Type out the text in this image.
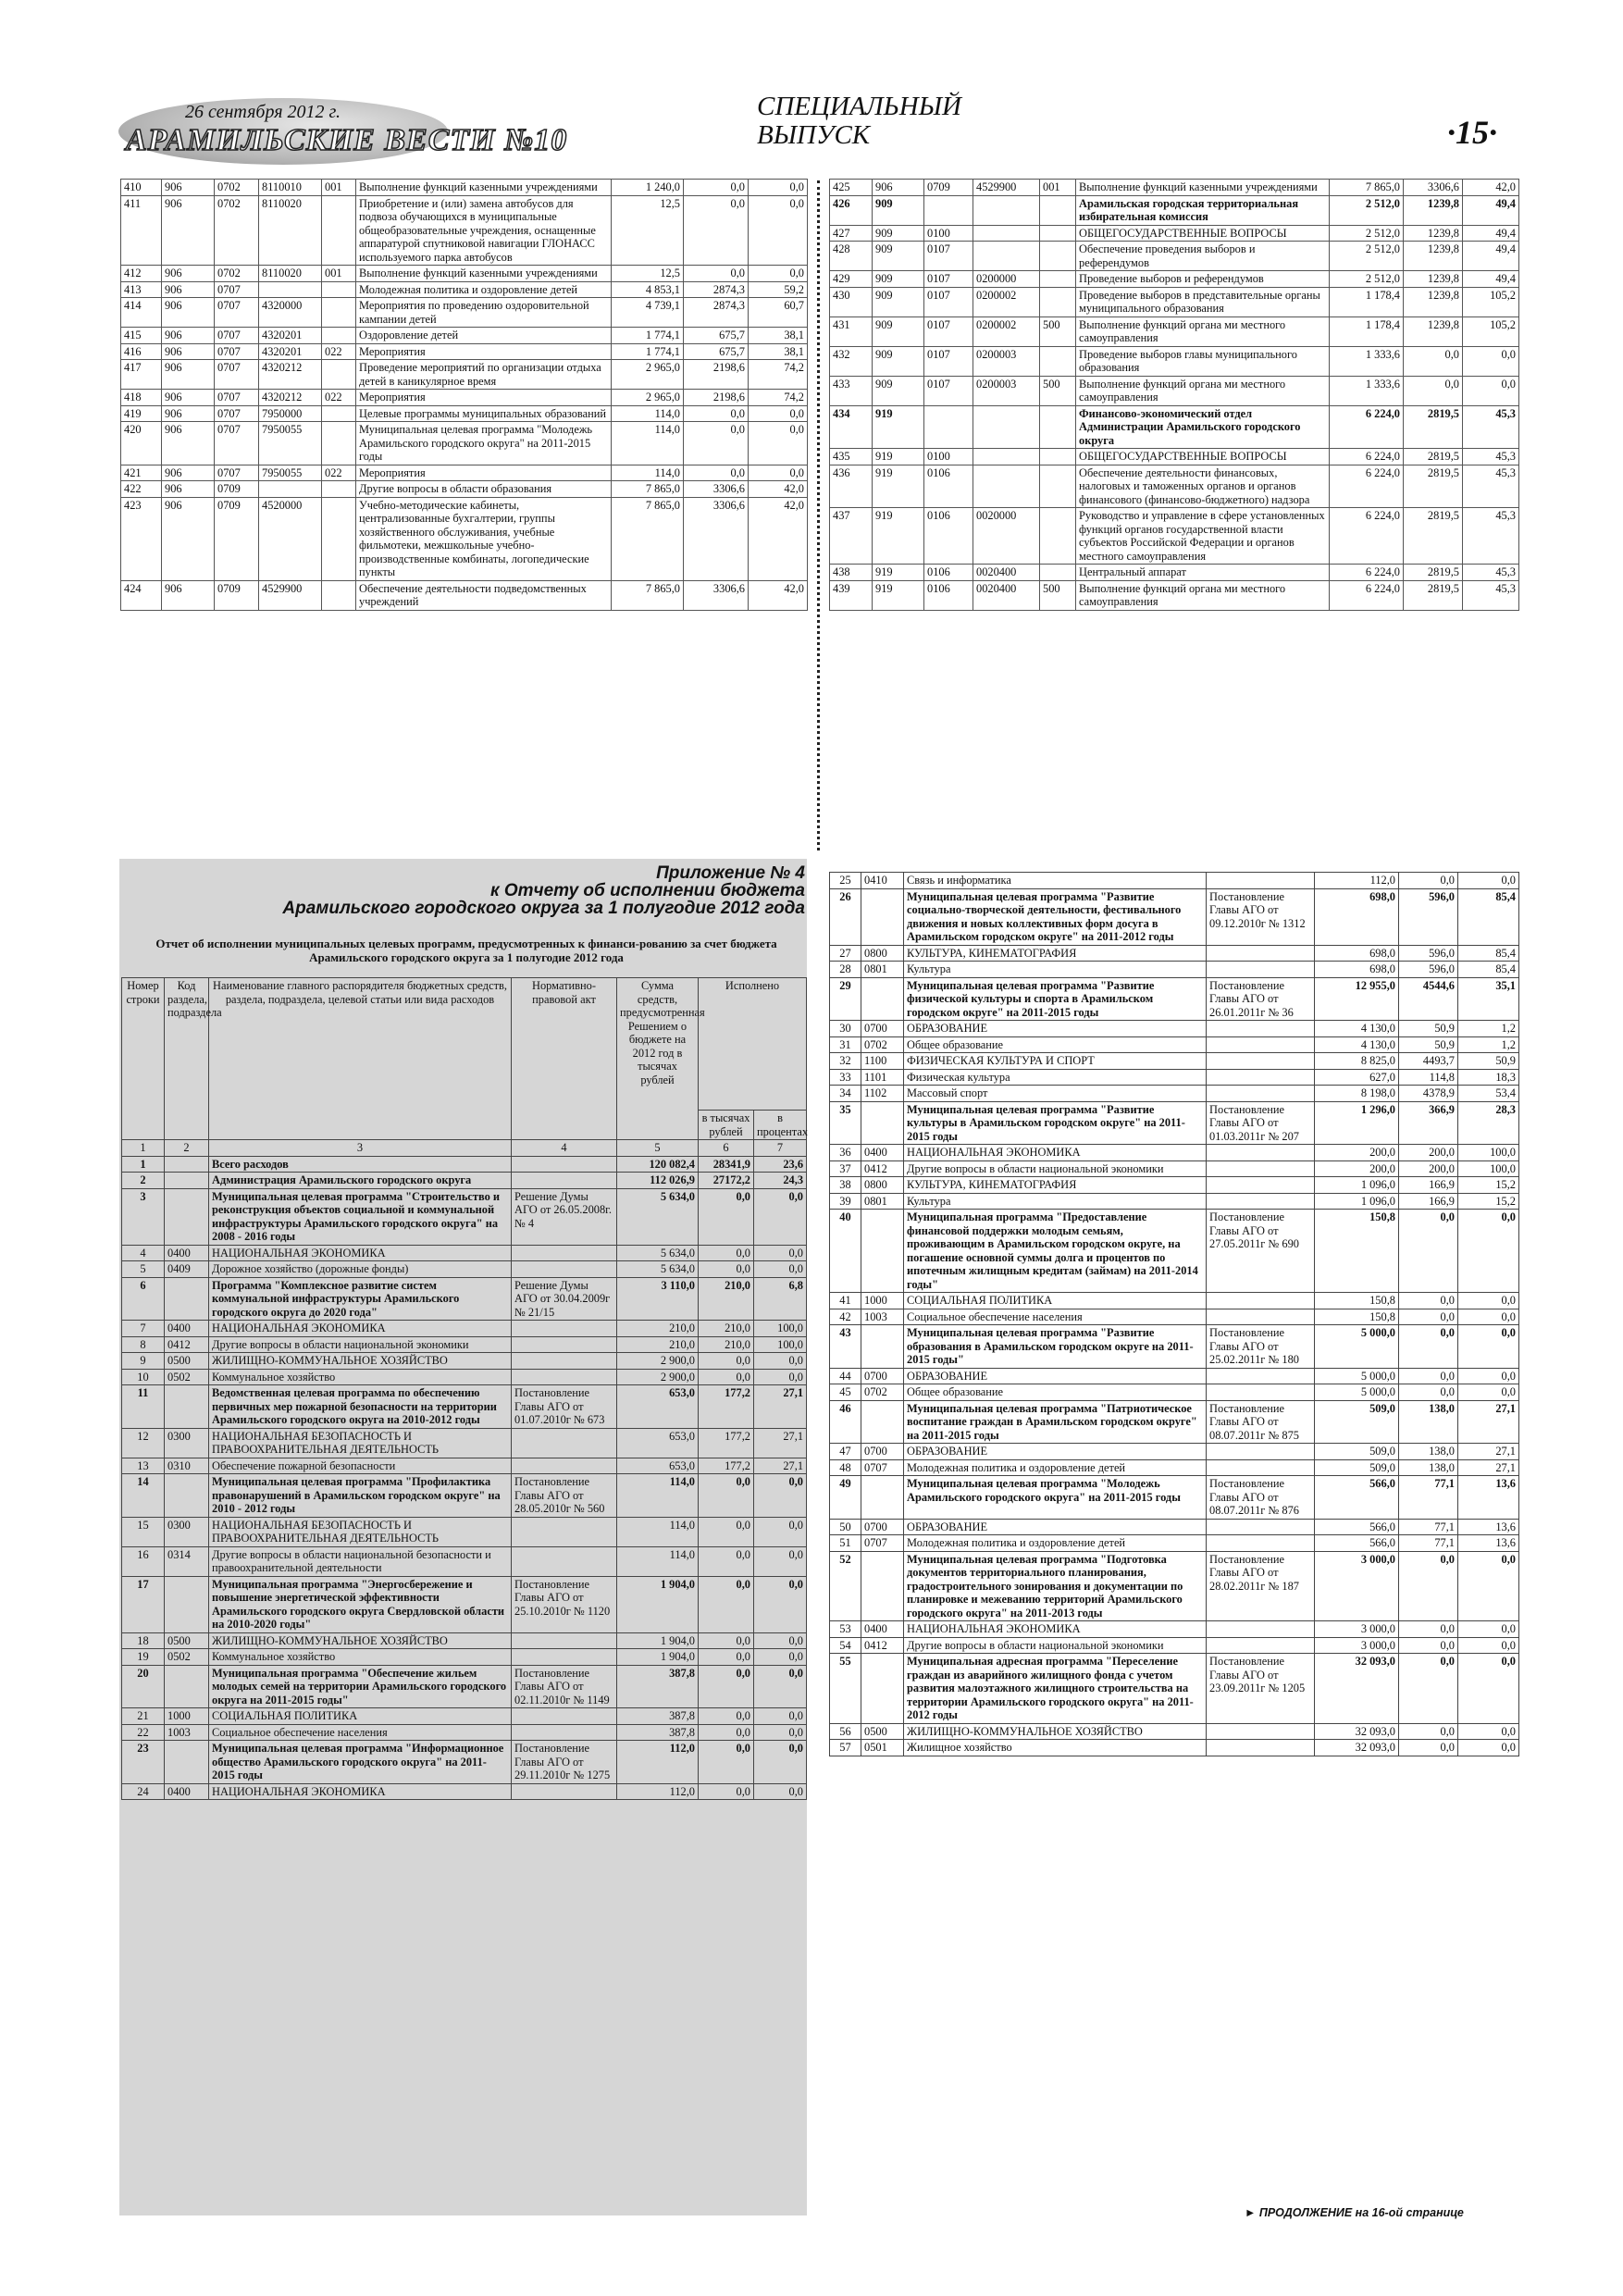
26 сентября 2012 г.
АРАМИЛЬСКИЕ ВЕСТИ №10
СПЕЦИАЛЬНЫЙ
ВЫПУСК	·15·
410	906	0702	8110010	001	Выполнение функций казенными учреждениями	1 240,0	0,0	0,0
411	906	0702	8110020		Приобретение и (или) замена автобусов для подвоза обучающихся в муниципальные общеобразовательные учреждения, оснащенные аппаратурой спутниковой навигации ГЛОНАСС используемого парка автобусов	12,5	0,0	0,0
412	906	0702	8110020	001	Выполнение функций казенными учреждениями	12,5	0,0	0,0
413	906	0707			Молодежная политика и оздоровление детей	4 853,1	2874,3	59,2
414	906	0707	4320000		Мероприятия по проведению оздоровительной кампании детей	4 739,1	2874,3	60,7
415	906	0707	4320201		Оздоровление детей	1 774,1	675,7	38,1
416	906	0707	4320201	022	Мероприятия	1 774,1	675,7	38,1
417	906	0707	4320212		Проведение мероприятий по организации отдыха детей в каникулярное время	2 965,0	2198,6	74,2
418	906	0707	4320212	022	Мероприятия	2 965,0	2198,6	74,2
419	906	0707	7950000		Целевые программы муниципальных образований	114,0	0,0	0,0
420	906	0707	7950055		Муниципальная целевая программа "Молодежь Арамильского городского округа" на 2011-2015 годы	114,0	0,0	0,0
421	906	0707	7950055	022	Мероприятия	114,0	0,0	0,0
422	906	0709			Другие вопросы в области образования	7 865,0	3306,6	42,0
423	906	0709	4520000		Учебно-методические кабинеты, централизованные бухгалтерии, группы хозяйственного обслуживания, учебные фильмотеки, межшкольные учебно-производственные комбинаты, логопедические пункты	7 865,0	3306,6	42,0
424	906	0709	4529900		Обеспечение деятельности подведомственных учреждений	7 865,0	3306,6	42,0
425	906	0709	4529900	001	Выполнение функций казенными учреждениями	7 865,0	3306,6	42,0
426	909				Арамильская городская территориальная избирательная комиссия	2 512,0	1239,8	49,4
427	909	0100			ОБЩЕГОСУДАРСТВЕННЫЕ ВОПРОСЫ	2 512,0	1239,8	49,4
428	909	0107			Обеспечение проведения выборов и референдумов	2 512,0	1239,8	49,4
429	909	0107	0200000		Проведение выборов и референдумов	2 512,0	1239,8	49,4
430	909	0107	0200002		Проведение выборов в представительные органы муниципального образования	1 178,4	1239,8	105,2
431	909	0107	0200002	500	Выполнение функций органа ми местного самоуправления	1 178,4	1239,8	105,2
432	909	0107	0200003		Проведение выборов главы муниципального образования	1 333,6	0,0	0,0
433	909	0107	0200003	500	Выполнение функций органа ми местного самоуправления	1 333,6	0,0	0,0
434	919				Финансово-экономический отдел Администрации Арамильского городского округа	6 224,0	2819,5	45,3
435	919	0100			ОБЩЕГОСУДАРСТВЕННЫЕ ВОПРОСЫ	6 224,0	2819,5	45,3
436	919	0106			Обеспечение деятельности финансовых, налоговых и таможенных органов и органов финансового (финансово-бюджетного) надзора	6 224,0	2819,5	45,3
437	919	0106	0020000		Руководство и управление в сфере установленных функций органов государственной власти субъектов Российской Федерации и органов местного самоуправления	6 224,0	2819,5	45,3
438	919	0106	0020400		Центральный аппарат	6 224,0	2819,5	45,3
439	919	0106	0020400	500	Выполнение функций органа ми местного самоуправления	6 224,0	2819,5	45,3
Приложение № 4
к Отчету об исполнении бюджета
Арамильского городского округа за 1 полугодие 2012 года
Отчет об исполнении муниципальных целевых программ, предусмотренных к финанси-рованию за счет бюджета Арамильского городского округа за 1 полугодие 2012 года
Номер строки	Код раздела, подраздела	Наименование главного распорядителя бюджетных средств, раздела, подраздела, целевой статьи или вида расходов	Нормативно-правовой акт	Сумма средств, предусмотренная Решением о бюджете на 2012 год в тысячах рублей	Исполнено	
					в тысячах рублей	в процентах
1	2	3	4	5	6	7
1		Всего расходов		120 082,4	28341,9	23,6
2		Администрация Арамильского городского округа		112 026,9	27172,2	24,3
3		Муниципальная целевая программа "Строительство и реконструкция объектов социальной и коммунальной инфраструктуры Арамильского городского округа" на 2008 - 2016 годы	Решение Думы АГО от 26.05.2008г. № 4	5 634,0	0,0	0,0
4	0400	НАЦИОНАЛЬНАЯ ЭКОНОМИКА		5 634,0	0,0	0,0
5	0409	Дорожное хозяйство (дорожные фонды)		5 634,0	0,0	0,0
6		Программа "Комплексное развитие систем коммунальной инфраструктуры Арамильского городского округа до 2020 года"	Решение Думы АГО от 30.04.2009г № 21/15	3 110,0	210,0	6,8
7	0400	НАЦИОНАЛЬНАЯ ЭКОНОМИКА		210,0	210,0	100,0
8	0412	Другие вопросы в области национальной экономики		210,0	210,0	100,0
9	0500	ЖИЛИЩНО-КОММУНАЛЬНОЕ ХОЗЯЙСТВО		2 900,0	0,0	0,0
10	0502	Коммунальное хозяйство		2 900,0	0,0	0,0
11		Ведомственная целевая программа по обеспечению первичных мер пожарной безопасности на территории Арамильского городского округа на 2010-2012 годы	Постановление Главы АГО от 01.07.2010г № 673	653,0	177,2	27,1
12	0300	НАЦИОНАЛЬНАЯ БЕЗОПАСНОСТЬ И ПРАВООХРАНИТЕЛЬНАЯ ДЕЯТЕЛЬНОСТЬ		653,0	177,2	27,1
13	0310	Обеспечение пожарной безопасности		653,0	177,2	27,1
14		Муниципальная целевая программа "Профилактика правонарушений в Арамильском городском округе" на 2010 - 2012 годы	Постановление Главы АГО от 28.05.2010г № 560	114,0	0,0	0,0
15	0300	НАЦИОНАЛЬНАЯ БЕЗОПАСНОСТЬ И ПРАВООХРАНИТЕЛЬНАЯ ДЕЯТЕЛЬНОСТЬ		114,0	0,0	0,0
16	0314	Другие вопросы в области национальной безопасности и правоохранительной деятельности		114,0	0,0	0,0
17		Муниципальная программа "Энергосбережение и повышение энергетической эффективности Арамильского городского округа Свердловской области на 2010-2020 годы"	Постановление Главы АГО от 25.10.2010г № 1120	1 904,0	0,0	0,0
18	0500	ЖИЛИЩНО-КОММУНАЛЬНОЕ ХОЗЯЙСТВО		1 904,0	0,0	0,0
19	0502	Коммунальное хозяйство		1 904,0	0,0	0,0
20		Муниципальная программа "Обеспечение жильем молодых семей на территории Арамильского городского округа на 2011-2015 годы"	Постановление Главы АГО от 02.11.2010г № 1149	387,8	0,0	0,0
21	1000	СОЦИАЛЬНАЯ ПОЛИТИКА		387,8	0,0	0,0
22	1003	Социальное обеспечение населения		387,8	0,0	0,0
23		Муниципальная целевая программа "Информационное общество Арамильского городского округа" на 2011-2015 годы	Постановление Главы АГО от 29.11.2010г № 1275	112,0	0,0	0,0
24	0400	НАЦИОНАЛЬНАЯ ЭКОНОМИКА		112,0	0,0	0,0
25	0410	Связь и информатика		112,0	0,0	0,0
26		Муниципальная целевая программа "Развитие социально-творческой деятельности, фестивального движения и новых коллективных форм досуга в Арамильском городском округе" на 2011-2012 годы	Постановление Главы АГО от 09.12.2010г № 1312	698,0	596,0	85,4
27	0800	КУЛЬТУРА, КИНЕМАТОГРАФИЯ		698,0	596,0	85,4
28	0801	Культура		698,0	596,0	85,4
29		Муниципальная целевая программа "Развитие физической культуры и спорта в Арамильском городском округе" на 2011-2015 годы	Постановление Главы АГО от 26.01.2011г № 36	12 955,0	4544,6	35,1
30	0700	ОБРАЗОВАНИЕ		4 130,0	50,9	1,2
31	0702	Общее образование		4 130,0	50,9	1,2
32	1100	ФИЗИЧЕСКАЯ КУЛЬТУРА И СПОРТ		8 825,0	4493,7	50,9
33	1101	Физическая культура		627,0	114,8	18,3
34	1102	Массовый спорт		8 198,0	4378,9	53,4
35		Муниципальная целевая программа "Развитие культуры в Арамильском городском округе" на 2011-2015 годы	Постановление Главы АГО от 01.03.2011г № 207	1 296,0	366,9	28,3
36	0400	НАЦИОНАЛЬНАЯ ЭКОНОМИКА		200,0	200,0	100,0
37	0412	Другие вопросы в области национальной экономики		200,0	200,0	100,0
38	0800	КУЛЬТУРА, КИНЕМАТОГРАФИЯ		1 096,0	166,9	15,2
39	0801	Культура		1 096,0	166,9	15,2
40		Муниципальная программа "Предоставление финансовой поддержки молодым семьям, проживающим в Арамильском городском округе, на погашение основной суммы долга и процентов по ипотечным жилищным кредитам (займам) на 2011-2014 годы"	Постановление Главы АГО от 27.05.2011г № 690	150,8	0,0	0,0
41	1000	СОЦИАЛЬНАЯ ПОЛИТИКА		150,8	0,0	0,0
42	1003	Социальное обеспечение населения		150,8	0,0	0,0
43		Муниципальная целевая программа "Развитие образования в Арамильском городском округе на 2011-2015 годы"	Постановление Главы АГО от 25.02.2011г № 180	5 000,0	0,0	0,0
44	0700	ОБРАЗОВАНИЕ		5 000,0	0,0	0,0
45	0702	Общее образование		5 000,0	0,0	0,0
46		Муниципальная целевая программа "Патриотическое воспитание граждан в Арамильском городском округе" на 2011-2015 годы	Постановление Главы АГО от 08.07.2011г № 875	509,0	138,0	27,1
47	0700	ОБРАЗОВАНИЕ		509,0	138,0	27,1
48	0707	Молодежная политика и оздоровление детей		509,0	138,0	27,1
49		Муниципальная целевая программа "Молодежь Арамильского городского округа" на 2011-2015 годы	Постановление Главы АГО от 08.07.2011г № 876	566,0	77,1	13,6
50	0700	ОБРАЗОВАНИЕ		566,0	77,1	13,6
51	0707	Молодежная политика и оздоровление детей		566,0	77,1	13,6
52		Муниципальная целевая программа "Подготовка документов территориального планирования, градостроительного зонирования и документации по планировке и межеванию территорий Арамильского городского округа" на 2011-2013 годы	Постановление Главы АГО от 28.02.2011г № 187	3 000,0	0,0	0,0
53	0400	НАЦИОНАЛЬНАЯ ЭКОНОМИКА		3 000,0	0,0	0,0
54	0412	Другие вопросы в области национальной экономики		3 000,0	0,0	0,0
55		Муниципальная адресная программа "Переселение граждан из аварийного жилищного фонда с учетом развития малоэтажного жилищного строительства на территории Арамильского городского округа" на 2011-2012 годы	Постановление Главы АГО от 23.09.2011г № 1205	32 093,0	0,0	0,0
56	0500	ЖИЛИЩНО-КОММУНАЛЬНОЕ ХОЗЯЙСТВО		32 093,0	0,0	0,0
57	0501	Жилищное хозяйство		32 093,0	0,0	0,0
► ПРОДОЛЖЕНИЕ на 16-ой странице
